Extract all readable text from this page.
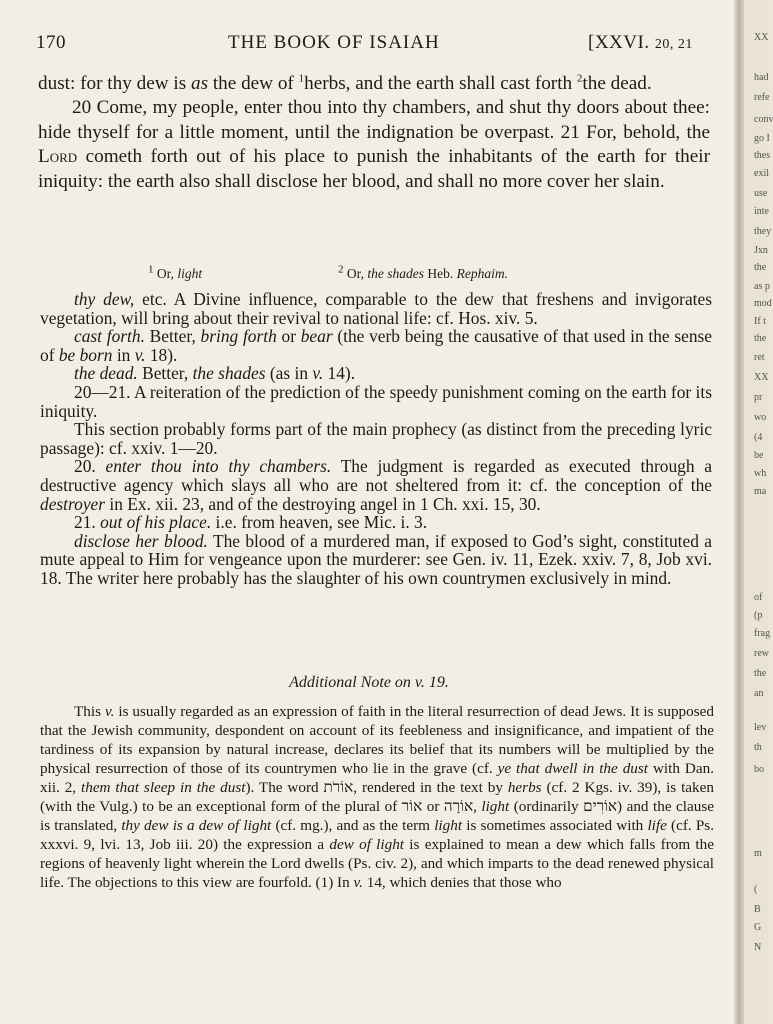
170	THE BOOK OF ISAIAH	[XXVI. 20, 21

dust: for thy dew is as the dew of $^1$herbs, and the earth shall cast forth $^2$the dead.

20 Come, my people, enter thou into thy chambers, and shut thy doors about thee: hide thyself for a little moment, until the indignation be overpast. 21 For, behold, the Lord cometh forth out of his place to punish the inhabitants of the earth for their iniquity: the earth also shall disclose her blood, and shall no more cover her slain.

$^1$ Or, light	$^2$ Or, the shades Heb. Rephaim.

thy dew, etc. A Divine influence, comparable to the dew that freshens and invigorates vegetation, will bring about their revival to national life: cf. Hos. xiv. 5.

cast forth. Better, bring forth or bear (the verb being the causative of that used in the sense of be born in v. 18).

the dead. Better, the shades (as in v. 14).

20—21. A reiteration of the prediction of the speedy punishment coming on the earth for its iniquity.

This section probably forms part of the main prophecy (as distinct from the preceding lyric passage): cf. xxiv. 1—20.

20. enter thou into thy chambers. The judgment is regarded as executed through a destructive agency which slays all who are not sheltered from it: cf. the conception of the destroyer in Ex. xii. 23, and of the destroying angel in 1 Ch. xxi. 15, 30.

21. out of his place. i.e. from heaven, see Mic. i. 3.

disclose her blood. The blood of a murdered man, if exposed to God’s sight, constituted a mute appeal to Him for vengeance upon the murderer: see Gen. iv. 11, Ezek. xxiv. 7, 8, Job xvi. 18. The writer here probably has the slaughter of his own countrymen exclusively in mind.

Additional Note on v. 19.

This v. is usually regarded as an expression of faith in the literal resurrection of dead Jews. It is supposed that the Jewish community, despondent on account of its feebleness and insignificance, and impatient of the tardiness of its expansion by natural increase, declares its belief that its numbers will be multiplied by the physical resurrection of those of its countrymen who lie in the grave (cf. ye that dwell in the dust with Dan. xii. 2, them that sleep in the dust). The word אוֹרֹת, rendered in the text by herbs (cf. 2 Kgs. iv. 39), is taken (with the Vulg.) to be an exceptional form of the plural of אוֹר or אוֹרָה, light (ordinarily אוֹרִים) and the clause is translated, thy dew is a dew of light (cf. mg.), and as the term light is sometimes associated with life (cf. Ps. xxxvi. 9, lvi. 13, Job iii. 20) the expression a dew of light is explained to mean a dew which falls from the regions of heavenly light wherein the Lord dwells (Ps. civ. 2), and which imparts to the dead renewed physical life. The objections to this view are fourfold. (1) In v. 14, which denies that those who

XX
had
refe
conv
go I
thes
exil
use
inte
they
Jxn
the
as p
mod
If t
the
ret
XX
pr
wo
(4
be
wh
ma
of
(p
frag
rew
the
an
lev
th
bo
m
(
B
G
N
